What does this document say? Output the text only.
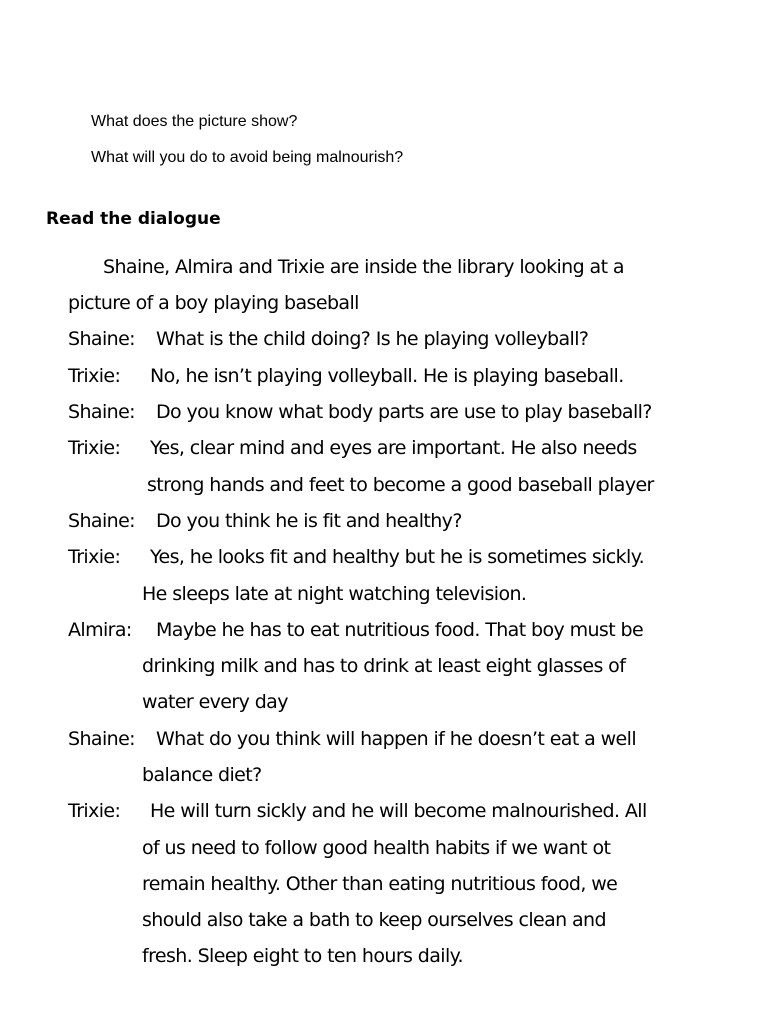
What does the picture show?
What will you do to avoid being malnourish?
Read the dialogue
Shaine, Almira and Trixie are inside the library looking at a
picture of a boy playing baseball
Shaine: What is the child doing? Is he playing volleyball?
Trixie: No, he isn’t playing volleyball. He is playing baseball.
Shaine: Do you know what body parts are use to play baseball?
Trixie: Yes, clear mind and eyes are important. He also needs
strong hands and feet to become a good baseball player
Shaine: Do you think he is fit and healthy?
Trixie: Yes, he looks fit and healthy but he is sometimes sickly.
He sleeps late at night watching television.
Almira: Maybe he has to eat nutritious food. That boy must be
drinking milk and has to drink at least eight glasses of
water every day
Shaine: What do you think will happen if he doesn’t eat a well
balance diet?
Trixie: He will turn sickly and he will become malnourished. All
of us need to follow good health habits if we want ot
remain healthy. Other than eating nutritious food, we
should also take a bath to keep ourselves clean and
fresh. Sleep eight to ten hours daily.
